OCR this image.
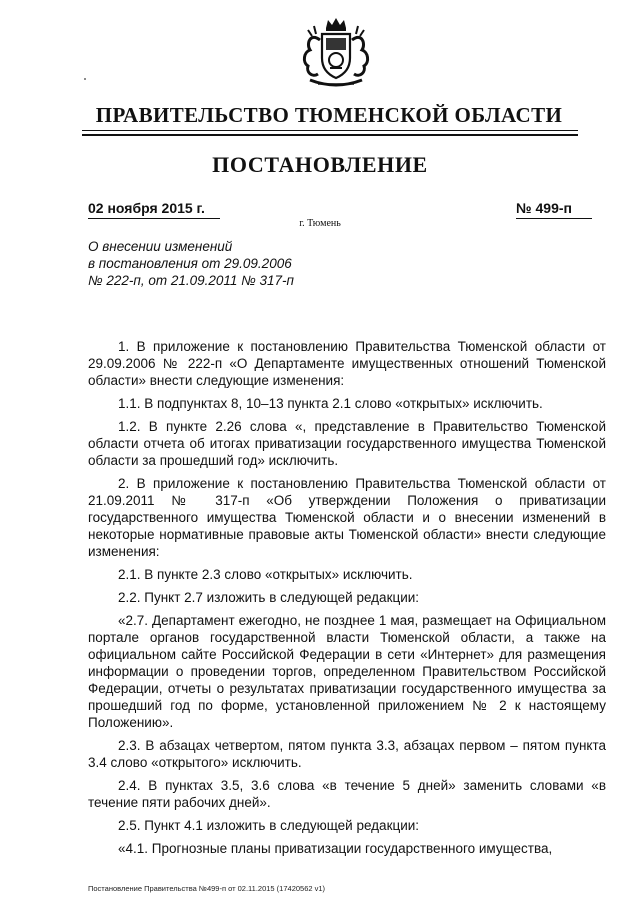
ПРАВИТЕЛЬСТВО ТЮМЕНСКОЙ ОБЛАСТИ
ПОСТАНОВЛЕНИЕ
02 ноября 2015 г.	№ 499-п
г. Тюмень
О внесении изменений
в постановления от 29.09.2006
№ 222-п, от 21.09.2011 № 317-п

1. В приложение к постановлению Правительства Тюменской области от 29.09.2006 № 222-п «О Департаменте имущественных отношений Тюменской области» внести следующие изменения:

1.1. В подпунктах 8, 10–13 пункта 2.1 слово «открытых» исключить.

1.2. В пункте 2.26 слова «, представление в Правительство Тюменской области отчета об итогах приватизации государственного имущества Тюменской области за прошедший год» исключить.

2. В приложение к постановлению Правительства Тюменской области от 21.09.2011 № 317-п «Об утверждении Положения о приватизации государственного имущества Тюменской области и о внесении изменений в некоторые нормативные правовые акты Тюменской области» внести следующие изменения:

2.1. В пункте 2.3 слово «открытых» исключить.

2.2. Пункт 2.7 изложить в следующей редакции:

«2.7. Департамент ежегодно, не позднее 1 мая, размещает на Официальном портале органов государственной власти Тюменской области, а также на официальном сайте Российской Федерации в сети «Интернет» для размещения информации о проведении торгов, определенном Правительством Российской Федерации, отчеты о результатах приватизации государственного имущества за прошедший год по форме, установленной приложением № 2 к настоящему Положению».

2.3. В абзацах четвертом, пятом пункта 3.3, абзацах первом – пятом пункта 3.4 слово «открытого» исключить.

2.4. В пунктах 3.5, 3.6 слова «в течение 5 дней» заменить словами «в течение пяти рабочих дней».

2.5. Пункт 4.1 изложить в следующей редакции:

«4.1. Прогнозные планы приватизации государственного имущества,

Постановление Правительства №499-п от 02.11.2015 (17420562 v1)
